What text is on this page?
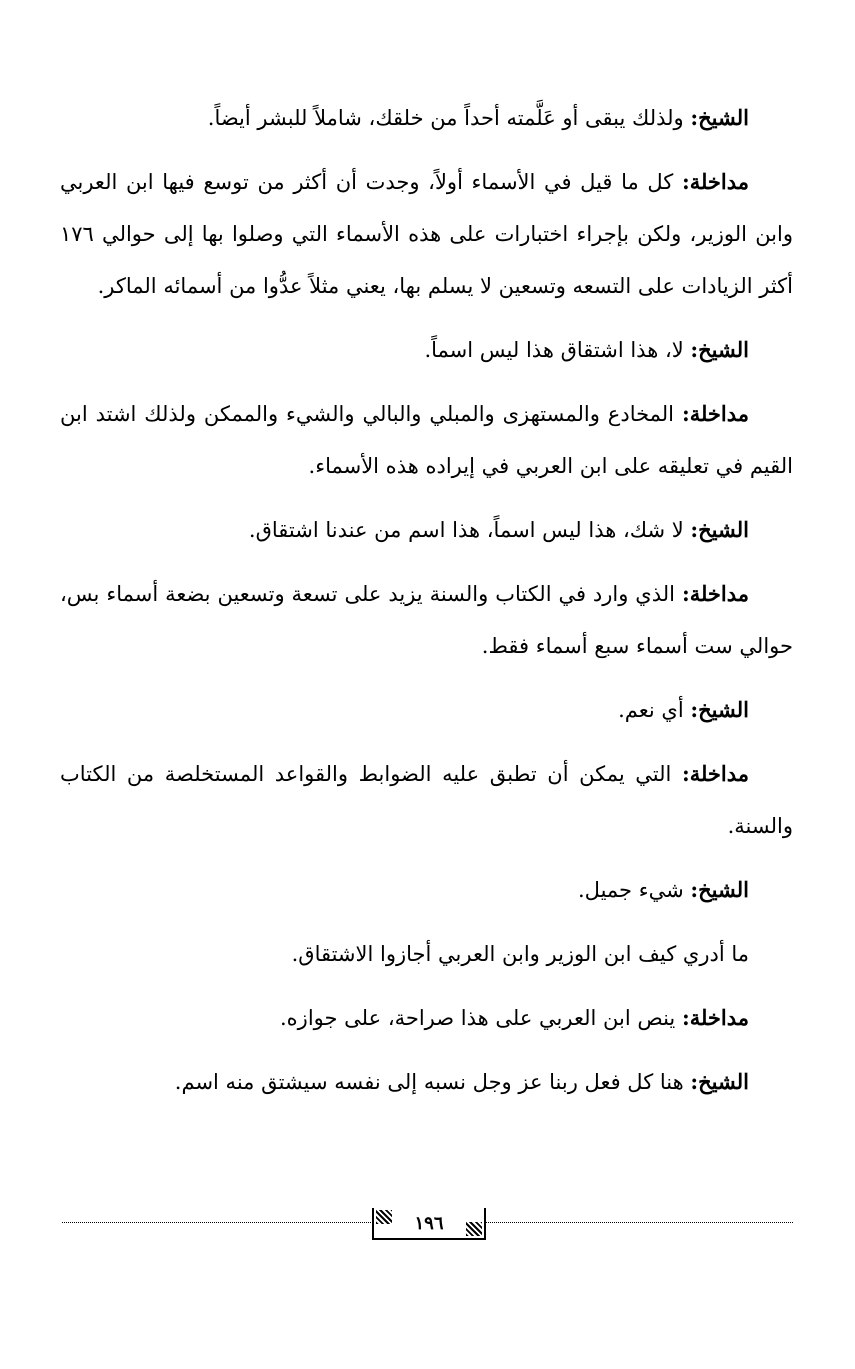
الشيخ: ولذلك يبقى أو عَلَّمته أحداً من خلقك، شاملاً للبشر أيضاً.

مداخلة: كل ما قيل في الأسماء أولاً، وجدت أن أكثر من توسع فيها ابن العربي وابن الوزير، ولكن بإجراء اختبارات على هذه الأسماء التي وصلوا بها إلى حوالي ١٧٦ أكثر الزيادات على التسعه وتسعين لا يسلم بها، يعني مثلاً عدُّوا من أسمائه الماكر.

الشيخ: لا، هذا اشتقاق هذا ليس اسماً.

مداخلة: المخادع والمستهزى والمبلي والبالي والشيء والممكن ولذلك اشتد ابن القيم في تعليقه على ابن العربي في إيراده هذه الأسماء.

الشيخ: لا شك، هذا ليس اسماً، هذا اسم من عندنا اشتقاق.

مداخلة: الذي وارد في الكتاب والسنة يزيد على تسعة وتسعين بضعة أسماء بس، حوالي ست أسماء سبع أسماء فقط.

الشيخ: أي نعم.

مداخلة: التي يمكن أن تطبق عليه الضوابط والقواعد المستخلصة من الكتاب والسنة.

الشيخ: شيء جميل.

ما أدري كيف ابن الوزير وابن العربي أجازوا الاشتقاق.

مداخلة: ينص ابن العربي على هذا صراحة، على جوازه.

الشيخ: هنا كل فعل ربنا عز وجل نسبه إلى نفسه سيشتق منه اسم.

١٩٦
